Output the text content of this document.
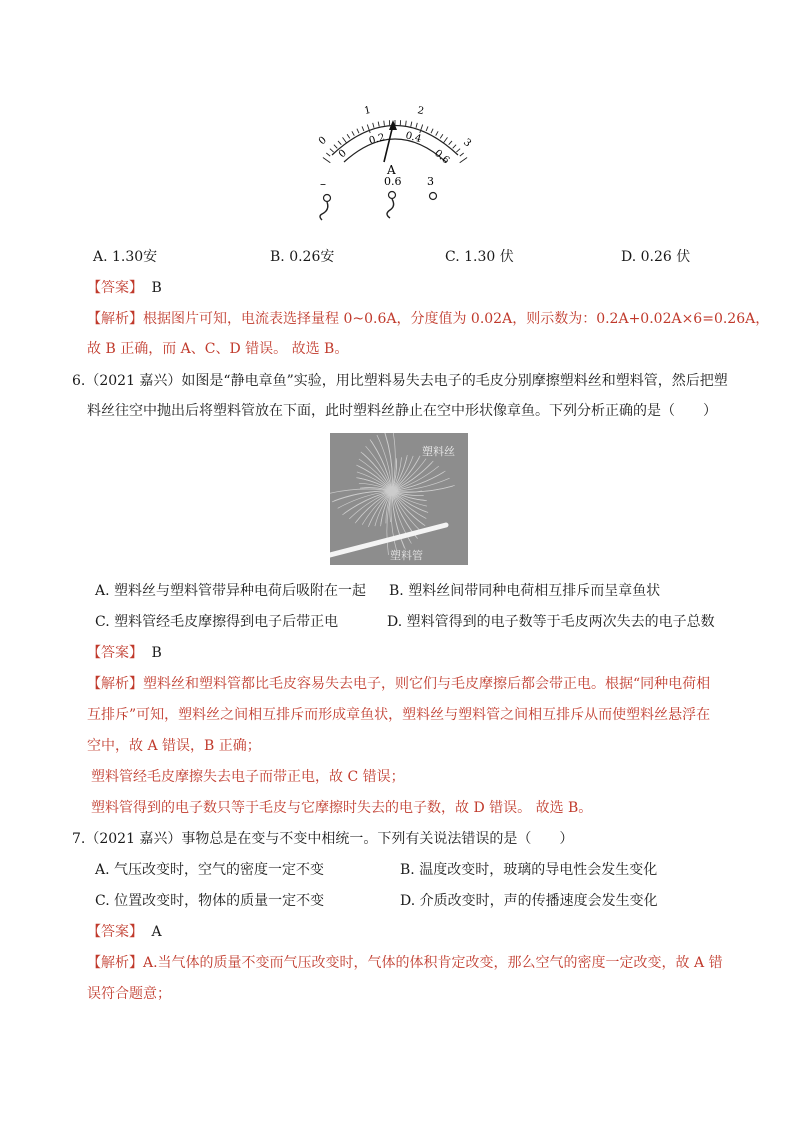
0
1	2
3
0
0.2 0.4
0.6
A
–	0.6 3
A. 1.30安	B. 0.26安	C. 1.30 伏	D. 0.26 伏
【答案】 B
【解析】根据图片可知，电流表选择量程 0~0.6A，分度值为 0.02A，则示数为：0.2A+0.02A×6=0.26A，
故 B 正确，而 A、C、D 错误。 故选 B。
6.（2021 嘉兴）如图是“静电章鱼”实验，用比塑料易失去电子的毛皮分别摩擦塑料丝和塑料管，然后把塑
料丝往空中抛出后将塑料管放在下面，此时塑料丝静止在空中形状像章鱼。下列分析正确的是（　　）
塑料丝
塑料管
A. 塑料丝与塑料管带异种电荷后吸附在一起 B. 塑料丝间带同种电荷相互排斥而呈章鱼状
C. 塑料管经毛皮摩擦得到电子后带正电	D. 塑料管得到的电子数等于毛皮两次失去的电子总数
【答案】 B
【解析】塑料丝和塑料管都比毛皮容易失去电子，则它们与毛皮摩擦后都会带正电。根据“同种电荷相
互排斥”可知，塑料丝之间相互排斥而形成章鱼状，塑料丝与塑料管之间相互排斥从而使塑料丝悬浮在
空中，故 A 错误，B 正确；
塑料管经毛皮摩擦失去电子而带正电，故 C 错误；
塑料管得到的电子数只等于毛皮与它摩擦时失去的电子数，故 D 错误。 故选 B。
7.（2021 嘉兴）事物总是在变与不变中相统一。下列有关说法错误的是（　　）
A. 气压改变时，空气的密度一定不变	B. 温度改变时，玻璃的导电性会发生变化
C. 位置改变时，物体的质量一定不变	D. 介质改变时，声的传播速度会发生变化
【答案】 A
【解析】A.当气体的质量不变而气压改变时，气体的体积肯定改变，那么空气的密度一定改变，故 A 错
误符合题意；
